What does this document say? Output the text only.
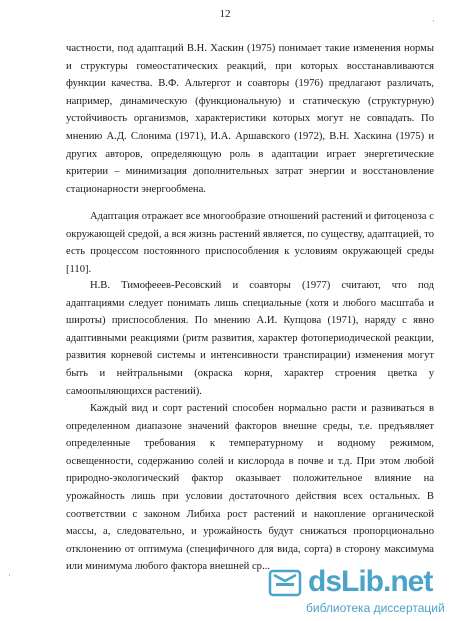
12

частности, под адаптаций В.Н. Хаскин (1975) понимает такие изменения нормы и структуры гомеостатических реакций, при которых восстанавливаются функции качества. В.Ф. Альтергот и соавторы (1976) предлагают различать, например, динамическую (функциональную) и статическую (структурную) устойчивость организмов, характеристики которых могут не совпадать. По мнению А.Д. Слонима (1971), И.А. Аршавского (1972), В.Н. Хаскина (1975) и других авторов, определяющую роль в адаптации играет энергетические критерии – минимизация дополнительных затрат энергии и восстановление стационарности энергообмена.

Адаптация отражает все многообразие отношений растений и фитоценоза с окружающей средой, а вся жизнь растений является, по существу, адаптацией, то есть процессом постоянного приспособления к условиям окружающей среды [110].

Н.В. Тимофееев-Ресовский и соавторы (1977) считают, что под адаптациями следует понимать лишь специальные (хотя и любого масштаба и широты) приспособления. По мнению А.И. Купцова (1971), наряду с явно адаптивными реакциями (ритм развития, характер фотопериодической реакции, развития корневой системы и интенсивности транспирации) изменения могут быть и нейтральными (окраска корня, характер строения цветка у самоопыляющихся растений).

Каждый вид и сорт растений способен нормально расти и развиваться в определенном диапазоне значений факторов внешне среды, т.е. предъявляет определенные требования к температурному и водному режимом, освещенности, содержанию солей и кислорода в почве и т.д. При этом любой природно-экологический фактор оказывает положительное влияние на урожайность лишь при условии достаточного действия всех остальных. В соответствии с законом Либиха рост растений и накопление органической массы, а, следовательно, и урожайность будут снижаться пропорционально отклонению от оптимума (специфичного для вида, сорта) в сторону максимума или минимума любого фактора внешней ср...

·
·	dsLib.net
библиотека диссертаций
